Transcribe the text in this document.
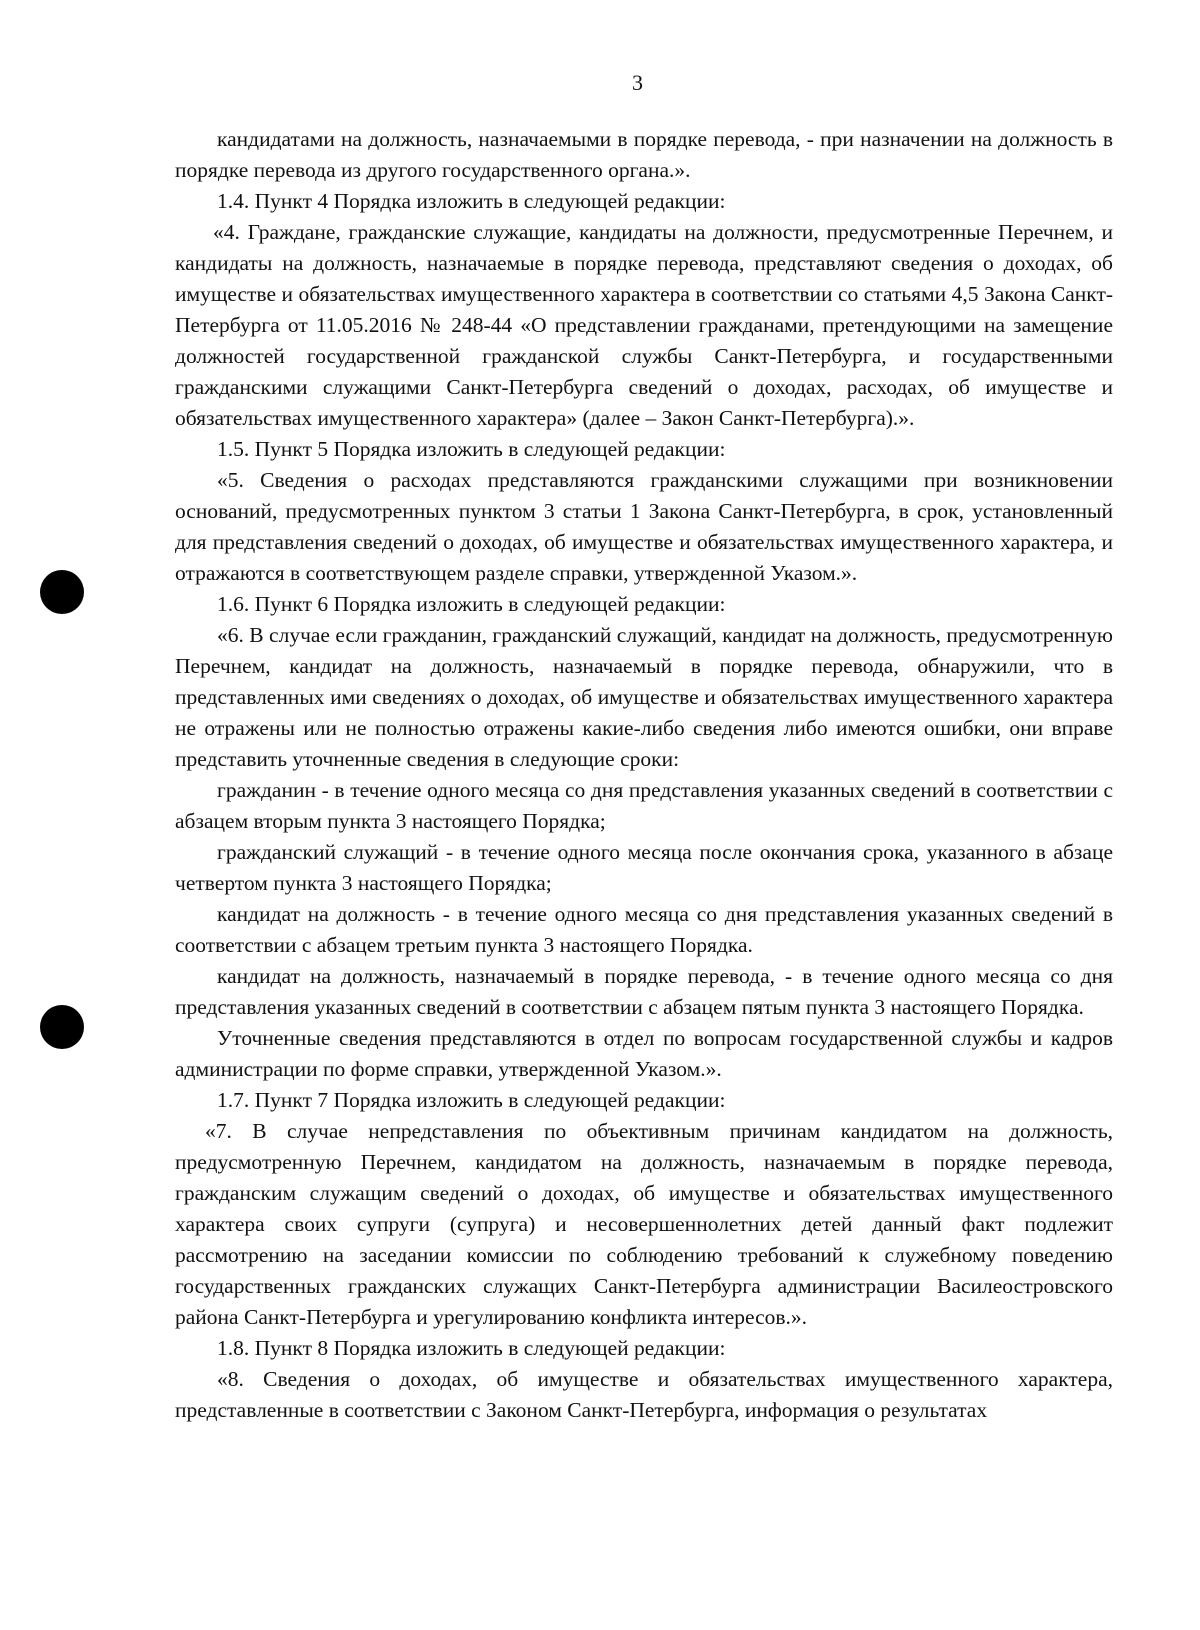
3

кандидатами на должность, назначаемыми в порядке перевода, - при назначении на должность в порядке перевода из другого государственного органа.».

1.4. Пункт 4 Порядка изложить в следующей редакции:

«4. Граждане, гражданские служащие, кандидаты на должности, предусмотренные Перечнем, и кандидаты на должность, назначаемые в порядке перевода, представляют сведения о доходах, об имуществе и обязательствах имущественного характера в соответствии со статьями 4,5 Закона Санкт-Петербурга от 11.05.2016 № 248-44 «О представлении гражданами, претендующими на замещение должностей государственной гражданской службы Санкт-Петербурга, и государственными гражданскими служащими Санкт-Петербурга сведений о доходах, расходах, об имуществе и обязательствах имущественного характера» (далее – Закон Санкт-Петербурга).».

1.5. Пункт 5 Порядка изложить в следующей редакции:

«5. Сведения о расходах представляются гражданскими служащими при возникновении оснований, предусмотренных пунктом 3 статьи 1 Закона Санкт-Петербурга, в срок, установленный для представления сведений о доходах, об имуществе и обязательствах имущественного характера, и отражаются в соответствующем разделе справки, утвержденной Указом.».

1.6. Пункт 6 Порядка изложить в следующей редакции:

«6. В случае если гражданин, гражданский служащий, кандидат на должность, предусмотренную Перечнем, кандидат на должность, назначаемый в порядке перевода, обнаружили, что в представленных ими сведениях о доходах, об имуществе и обязательствах имущественного характера не отражены или не полностью отражены какие-либо сведения либо имеются ошибки, они вправе представить уточненные сведения в следующие сроки:

гражданин - в течение одного месяца со дня представления указанных сведений в соответствии с абзацем вторым пункта 3 настоящего Порядка;

гражданский служащий - в течение одного месяца после окончания срока, указанного в абзаце четвертом пункта 3 настоящего Порядка;

кандидат на должность - в течение одного месяца со дня представления указанных сведений в соответствии с абзацем третьим пункта 3 настоящего Порядка.

кандидат на должность, назначаемый в порядке перевода, - в течение одного месяца со дня представления указанных сведений в соответствии с абзацем пятым пункта 3 настоящего Порядка.

Уточненные сведения представляются в отдел по вопросам государственной службы и кадров администрации по форме справки, утвержденной Указом.».

1.7. Пункт 7 Порядка изложить в следующей редакции:

«7. В случае непредставления по объективным причинам кандидатом на должность, предусмотренную Перечнем, кандидатом на должность, назначаемым в порядке перевода, гражданским служащим сведений о доходах, об имуществе и обязательствах имущественного характера своих супруги (супруга) и несовершеннолетних детей данный факт подлежит рассмотрению на заседании комиссии по соблюдению требований к служебному поведению государственных гражданских служащих Санкт-Петербурга администрации Василеостровского района Санкт-Петербурга и урегулированию конфликта интересов.».

1.8. Пункт 8 Порядка изложить в следующей редакции:

«8. Сведения о доходах, об имуществе и обязательствах имущественного характера, представленные в соответствии с Законом Санкт-Петербурга, информация о результатах
